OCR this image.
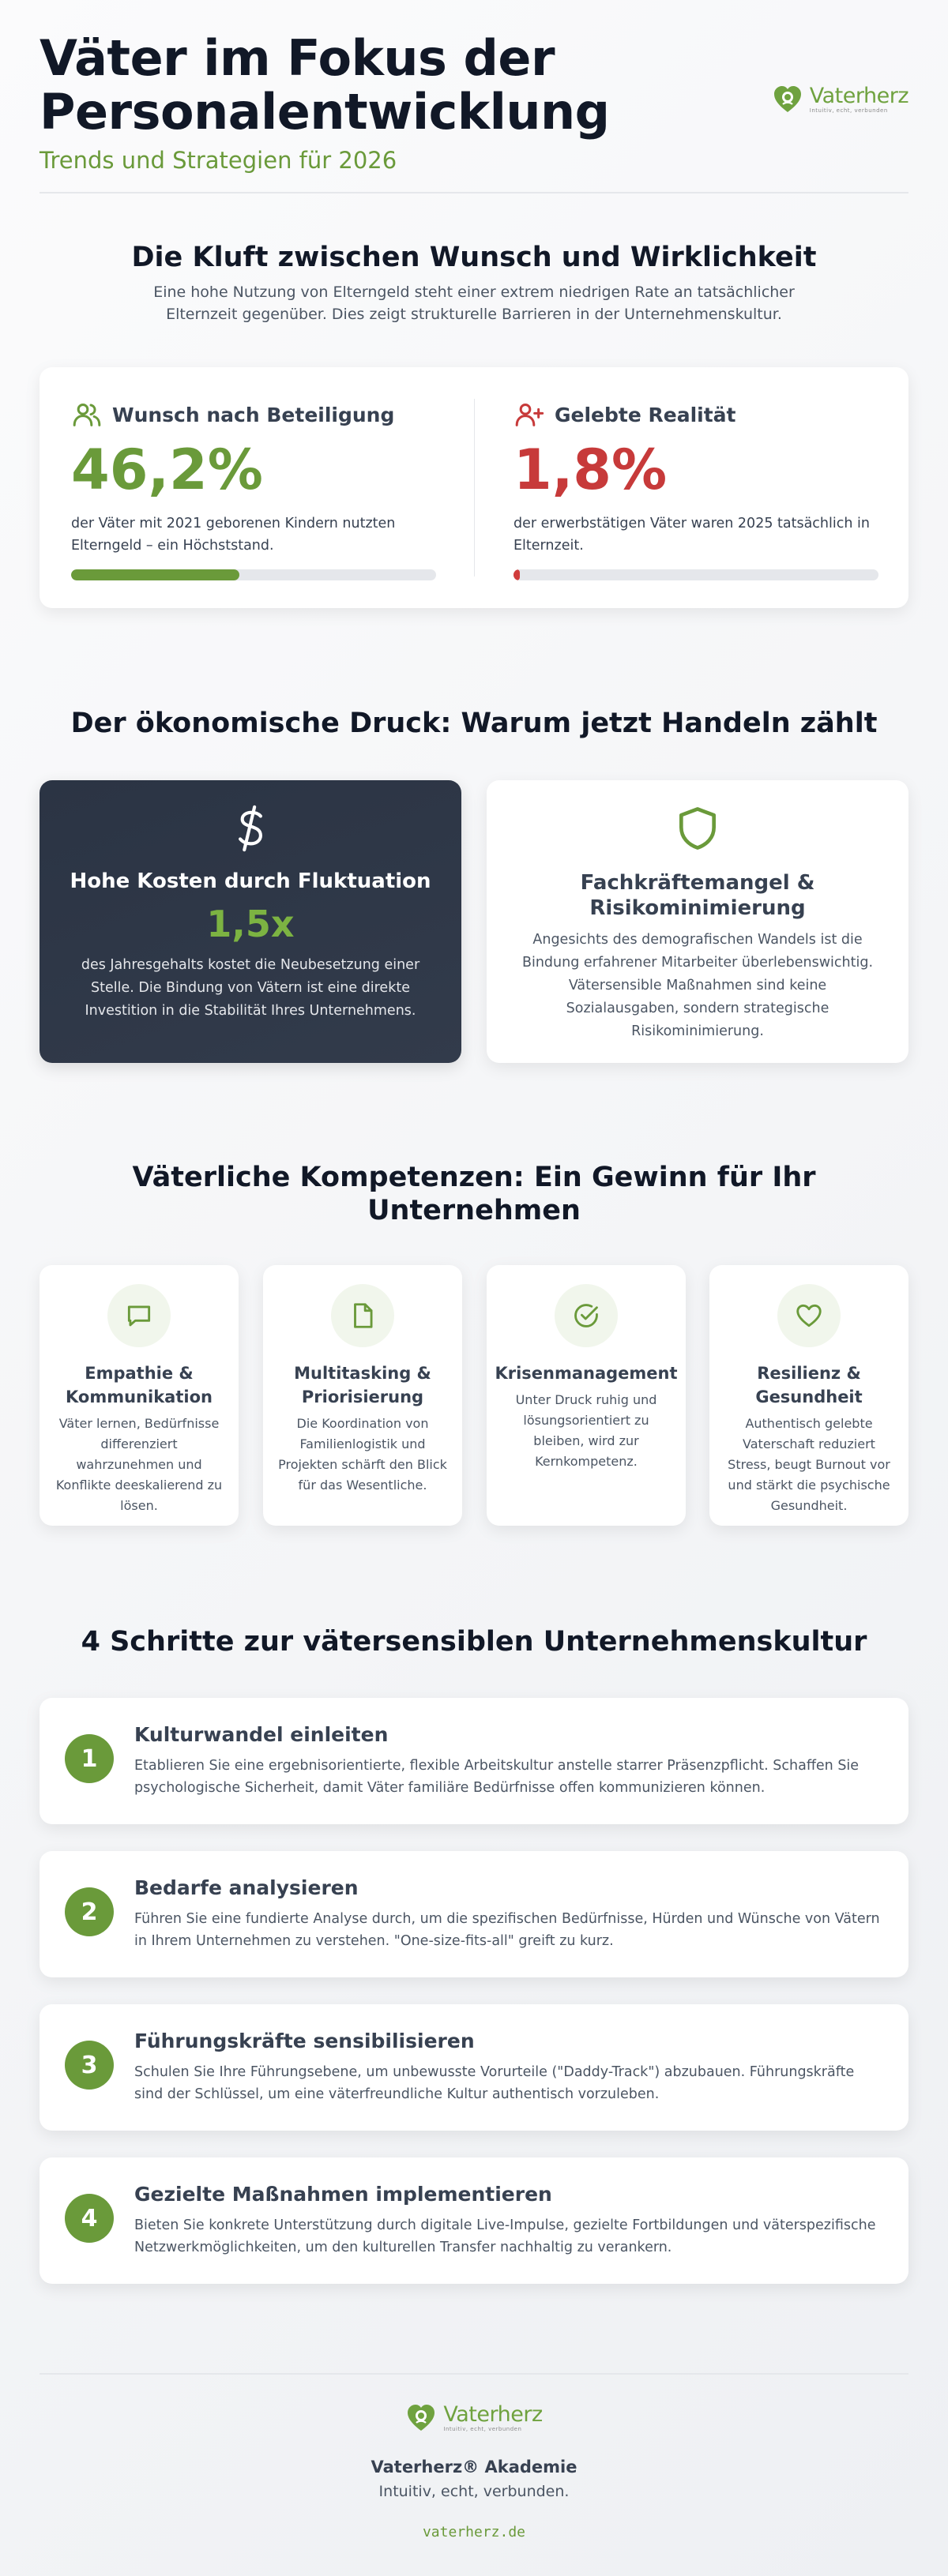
Väter im Fokus der
Personalentwicklung
Trends und Strategien für 2026
Vaterherz
Intuitiv, echt, verbunden
Die Kluft zwischen Wunsch und Wirklichkeit

Eine hohe Nutzung von Elterngeld steht einer extrem niedrigen Rate an tatsächlicher Elternzeit gegenüber. Dies zeigt strukturelle Barrieren in der Unternehmenskultur.

Wunsch nach Beteiligung
46,2%
der Väter mit 2021 geborenen Kindern nutzten Elterngeld – ein Höchststand.
Gelebte Realität
1,8%
der erwerbstätigen Väter waren 2025 tatsächlich in Elternzeit.
Der ökonomische Druck: Warum jetzt Handeln zählt
Hohe Kosten durch Fluktuation
1,5x
des Jahresgehalts kostet die Neubesetzung einer Stelle. Die Bindung von Vätern ist eine direkte Investition in die Stabilität Ihres Unternehmens.
Fachkräftemangel &
Risikominimierung
Angesichts des demografischen Wandels ist die Bindung erfahrener Mitarbeiter überlebenswichtig. Vätersensible Maßnahmen sind keine Sozialausgaben, sondern strategische Risikominimierung.
Väterliche Kompetenzen: Ein Gewinn für Ihr
Unternehmen
Empathie &
Kommunikation
Väter lernen, Bedürfnisse differenziert wahrzunehmen und Konflikte deeskalierend zu lösen.
Multitasking &
Priorisierung
Die Koordination von Familienlogistik und Projekten schärft den Blick für das Wesentliche.
Krisenmanagement
Unter Druck ruhig und lösungsorientiert zu bleiben, wird zur Kernkompetenz.
Resilienz &
Gesundheit
Authentisch gelebte Vaterschaft reduziert Stress, beugt Burnout vor und stärkt die psychische Gesundheit.
4 Schritte zur vätersensiblen Unternehmenskultur
1
Kulturwandel einleiten
Etablieren Sie eine ergebnisorientierte, flexible Arbeitskultur anstelle starrer Präsenzpflicht. Schaffen Sie psychologische Sicherheit, damit Väter familiäre Bedürfnisse offen kommunizieren können.
2
Bedarfe analysieren
Führen Sie eine fundierte Analyse durch, um die spezifischen Bedürfnisse, Hürden und Wünsche von Vätern in Ihrem Unternehmen zu verstehen. "One-size-fits-all" greift zu kurz.
3
Führungskräfte sensibilisieren
Schulen Sie Ihre Führungsebene, um unbewusste Vorurteile ("Daddy-Track") abzubauen. Führungskräfte sind der Schlüssel, um eine väterfreundliche Kultur authentisch vorzuleben.
4
Gezielte Maßnahmen implementieren
Bieten Sie konkrete Unterstützung durch digitale Live-Impulse, gezielte Fortbildungen und väterspezifische Netzwerkmöglichkeiten, um den kulturellen Transfer nachhaltig zu verankern.
Vaterherz
Intuitiv, echt, verbunden
Vaterherz® Akademie
Intuitiv, echt, verbunden.
vaterherz.de
